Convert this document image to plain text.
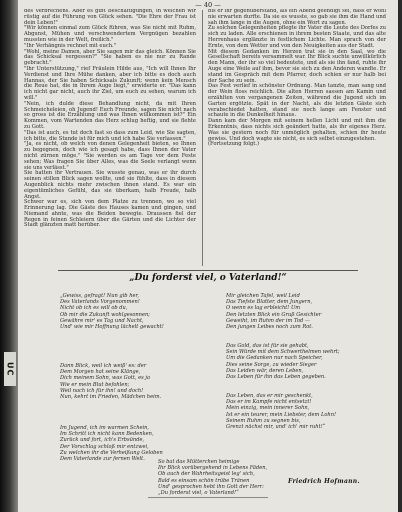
UC
— 40 —

des Verbrechens. Aber es gibt Beschäftigungen, in welchen wir rüstig auf die Führung von Glück sehen. "Die Ehre der Frau ist dein Leben!"

"Wir können einmal zum Glück führen, was Sie nicht mit Ruhm, Abgunst, Mühen und verschwendertem Vergnügen bezahlen mussten wie in der Welt, freilich."

"Ihr Verhängnis rechnet mit euch."

"Wohl, meine Damen, aber Sie sagen mir das gleich. Können Sie das Schicksal vergessen?" "Sie haben es nie nur zu Rande gebracht."

"Ihr Unterstützung," rief Fräulein Hilde aus, "Ich will Ihnen Ihr Verdienst und Ihre Mühe danken, aber ich bitte es doch auch Hannas, der Sie haben Schicksals Zukunft; wenn kein Mensch die Reue hat, die in Ihrem Auge liegt," erwiderte er. "Das kann ich nicht gar nicht, auch ihr Ziel, um euch zu sehen, warum ich will."

"Nein, ich dulde diese Behandlung nicht, da mit Ihren Schmeicheleien, oh Jugend! Euch Freunde, sagen Sie nicht nach so gross ist die Erzählung und was Ihnen willkommen ist?" Ein Kommen, vom Wartenden das Herz schlug heftig, und sie flehte zu Gott.

"Das ist auch, es tut doch fast so dass zum Leid, wie Sie sagten, ich bitte, die Stunde ist für mich und ich habe Sie verlassen."

"Ja, es nicht, ob welch von denen Gelegenheit bieten, so Ihnen zu begegnen, doch wie ich gesagt habe, dass Ihnen der Vater nicht zürnen möge." "Sie werden es am Tage vor dem Feste sehen; Was fragen Sie über Alles, was die Seele verlangt wenn sie uns verlässt."

Sie hatten ihr Vertrauen. Sie wusste genau, was er ihr durch seinen stillen Blick sagen wollte, und sie fühlte, dass in diesem Augenblick nichts mehr zwischen ihnen stand. Es war ein eigentümliches Gefühl, das sie überkam, halb Freude, halb Angst.

Schwer war es, sich von dem Platze zu trennen, wo so viel Erinnerung lag. Die Gäste des Hauses kamen und gingen, und Niemand ahnte, was die Beiden bewegte. Draussen fiel der Regen in feinen Schleiern über die Gärten und die Lichter der Stadt glänzten matt herüber.

bis er ihr gegenüberstand, als ein Abend geendigt sei, dass er wohl nie erwarten durfte. Da sie es wusste, so gab sie ihm die Hand und sah ihm lange in die Augen, ohne ein Wort zu sagen.

Zu solchen Gelegenheiten pflegte ihr Vater die Leute des Dorfes zu sich zu laden. Alle erschienen in ihrem besten Staate, und das alte Herrenhaus erglänzte in festlichem Lichte. Man sprach von der Ernte, von dem Wetter und von den Neuigkeiten aus der Stadt.

Mit diesem Gedanken im Herzen trat sie in den Saal, wo die Gesellschaft bereits versammelt war. Ihr Blick suchte unwillkürlich den Mann, der ihr so viel bedeutete, und als sie ihn fand, ruhte ihr Auge eine Weile auf ihm, bevor sie sich zu den Anderen wandte. Er stand im Gespräch mit dem Pfarrer, doch schien er nur halb bei der Sache zu sein.

Das Fest verlief in schönster Ordnung. Man tanzte, man sang und der Wein floss reichlich. Die alten Herren sassen am Kamin und erzählten von vergangenen Zeiten, während die Jugend sich im Garten ergötzte. Spät in der Nacht, als die letzten Gäste sich verabschiedet hatten, stand sie noch lange am Fenster und schaute in die Dunkelheit hinaus.

Dann kam der Morgen mit seinem hellen Licht und mit ihm die Erkenntnis, dass nichts sich geändert hatte, als ihr eigenes Herz. Was sie gestern noch für unmöglich gehalten, schien ihr heute gewiss. Und doch wagte sie nicht, es sich selbst einzugestehen.

(Fortsetzung folgt.)

„Du forderst viel, o Vaterland!“
„Gewiss, gefragt! Nun gib her,
Des Vaterlands Vorgenommen!
Nicht ob ich es will ob du,
Ob mir die Zukunft wohlgesonnen;
Gewähre mir' es Tag und Nacht,
Und' wie mir Hoffnung lächelt gewacht!
Dann Blick, weil ich weiß' es: der
Dem Morgen hat seine Klänge,
Dich meinem Sohn, was Gott, es ja
Wie er mein Blut befohlen;
Weil nach ich für ihn! und doch!
Nun, kehrt im Frieden, Mädchen heim.
Im Jugend, ich im warmen Schein,
Im Schritt ich nicht kann Bedenken,
Zurück und fort, ich's Erbsünde,
Der Vorschlag schloß mir entzwei,
Zu welchen ihr die Verheißung Geloben
Dem Vaterlande zur fernen Welt.
Mir gleichen Tafel, weil Leid
Das Tiefste Blatter, dem Jungern,
O wenn es lag erbleicht! Um
Den letzten Blick ein Gruß Gesichter
Geweiht, im Ruhm der im Tod —
Den jungen Leibes noch zum Rot.
Das Gold, das ist für sie gehabt,
Sein Würde mit dem Schwerthelmen wehrt;
Um die Gedanken nur nach Speicher,
Dies seine Sorge, zu wieder Sieger
Das Leiden wär, deren Leben,
Das Leben für ihn das Leben gegeben.
Das Leben, das er mir geschenkt,
Das er im Kampfe nicht entsetzt!
Mein einzig, mein innerer Sohn,
Ist er ein teurer, mein Liebster, dem Lohn!
Seinem Ruhm zu segnen bis,
Grenzt nächst mir, und' ich' mir ruht!“
So bat das Mütterchen heimige
Ihr Blick vorübergehend in Lebens Fäden,
Ob auch der Wahrheitsgeist leg' sich,
Bald es einsam schön trübe Tränen
Und' gesprochen hebt ihn Gott der Herr:
„Du forderst viel, o Vaterland!“
Friedrich Hofmann.
